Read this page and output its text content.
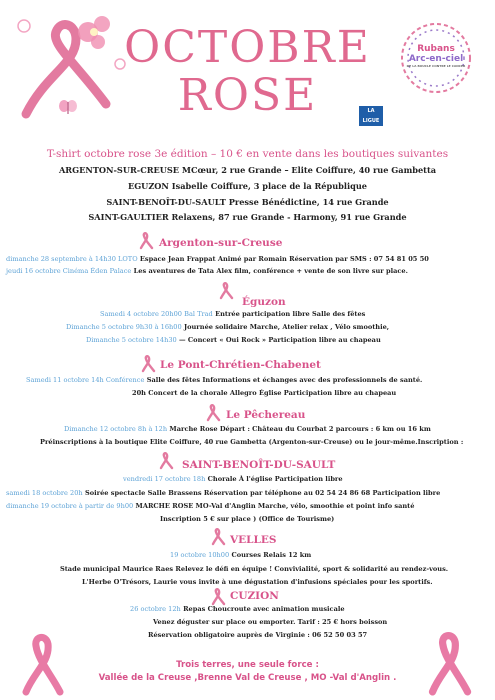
Rubans
Arc-en-ciel
DE LA BOUCLE CONTRE LE CANCER
LA LIGUE
OCTOBRE
ROSE
T-shirt octobre rose 3e édition – 10 € en vente dans les boutiques suivantes
ARGENTON-SUR-CREUSE MCœur, 2 rue Grande – Elite Coiffure, 40 rue Gambetta
EGUZON Isabelle Coiffure, 3 place de la République
SAINT-BENOÎT-DU-SAULT Presse Bénédictine, 14 rue Grande
SAINT-GAULTIER Relaxens, 87 rue Grande - Harmony, 91 rue Grande
Argenton-sur-Creuse
dimanche 28 septembre à 14h30 LOTO Espace Jean Frappat Animé par Romain Réservation par SMS : 07 54 81 05 50
jeudi 16 octobre Cinéma Éden Palace Les aventures de Tata Alex film, conférence + vente de son livre sur place.
Éguzon
Samedi 4 octobre 20h00 Bal Trad Entrée participation libre Salle des fêtes
Dimanche 5 octobre 9h30 à 16h00 Journée solidaire Marche, Atelier relax , Vélo smoothie,
Dimanche 5 octobre 14h30 — Concert « Oui Rock » Participation libre au chapeau
Le Pont-Chrétien-Chabenet
Samedi 11 octobre 14h Conférence Salle des fêtes Informations et échanges avec des professionnels de santé.
20h Concert de la chorale Allegro Église Participation libre au chapeau
Le Pêchereau
Dimanche 12 octobre 8h à 12h Marche Rose Départ : Château du Courbat 2 parcours : 6 km ou 16 km
Préinscriptions à la boutique Elite Coiffure, 40 rue Gambetta (Argenton-sur-Creuse) ou le jour-même.Inscription :
SAINT-BENOÎT-DU-SAULT
vendredi 17 octobre 18h Chorale À l'église Participation libre
samedi 18 octobre 20h Soirée spectacle Salle Brassens Réservation par téléphone au 02 54 24 86 68 Participation libre
dimanche 19 octobre à partir de 9h00 MARCHE ROSE MO-Val d'Anglin Marche, vélo, smoothie et point info santé
Inscription 5 € sur place ) (Office de Tourisme)
VELLES
19 octobre 10h00 Courses Relais 12 km
Stade municipal Maurice Raes Relevez le défi en équipe ! Convivialité, sport & solidarité au rendez-vous.
L'Herbe O'Trésors, Laurie vous invite à une dégustation d'infusions spéciales pour les sportifs.
CUZION
26 octobre 12h Repas Choucroute avec animation musicale
Venez déguster sur place ou emporter. Tarif : 25 € hors boisson
Réservation obligatoire auprès de Virginie : 06 52 50 03 57
Trois terres, une seule force :
Vallée de la Creuse ,Brenne Val de Creuse , MO -Val d'Anglin .
